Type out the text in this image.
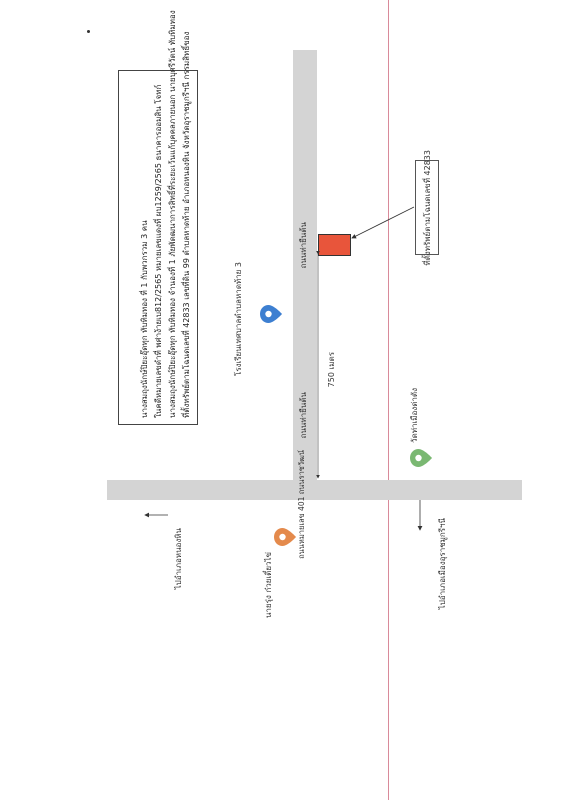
ถนนท่ายืนต้น
ถนนท่ายืนต้น
ถนนหมายเลข 401 ถนนราชวัฒน์
ที่ตั้งทรัพย์ตามโฉนดเลขที่ 42833 เลขที่ดิน 99 ตำบลหาดท้าย อำเภอหนองหิน จังหวัดอุราชมูกรีฯนี กรรมสิทธิ์ของ
นางสมถุงนักษ์ปิยะอุ๊ดทุก ทับทิมทอง จำนองที่ 1 ภัยพัดฒนาการสิทธิ์ที่ระยะเว้นแก้บุคคลภายนอก นายบุศรีวัตน์ ทับทิมทอง
ในคดีหมายเลขดำที่ พศ่าง้ายเบ812/2565 หมายเลขแดงที่ ผบ1259/2565 ธนาคารออมสิน โจทก์
นางสมถุงนักษ์ปิยะอุ๊ดทุก ทับทิมทอง ที่ 1 กับพวกรวม 3 คน
ที่ตั้งทรัพย์ตามโฉนดเลขที่ 42833
750 เมตร
โรงเรียนเทศบาลตำบลหาดท้าย 3
วัดท่าเมืองด่าตัง
นายรุ่ง ก๋วยเตี๋ยวไข่	ไปอำเภอเมืองอุราชมูกรีฯนี
ไปอำเภอหนองหิน
